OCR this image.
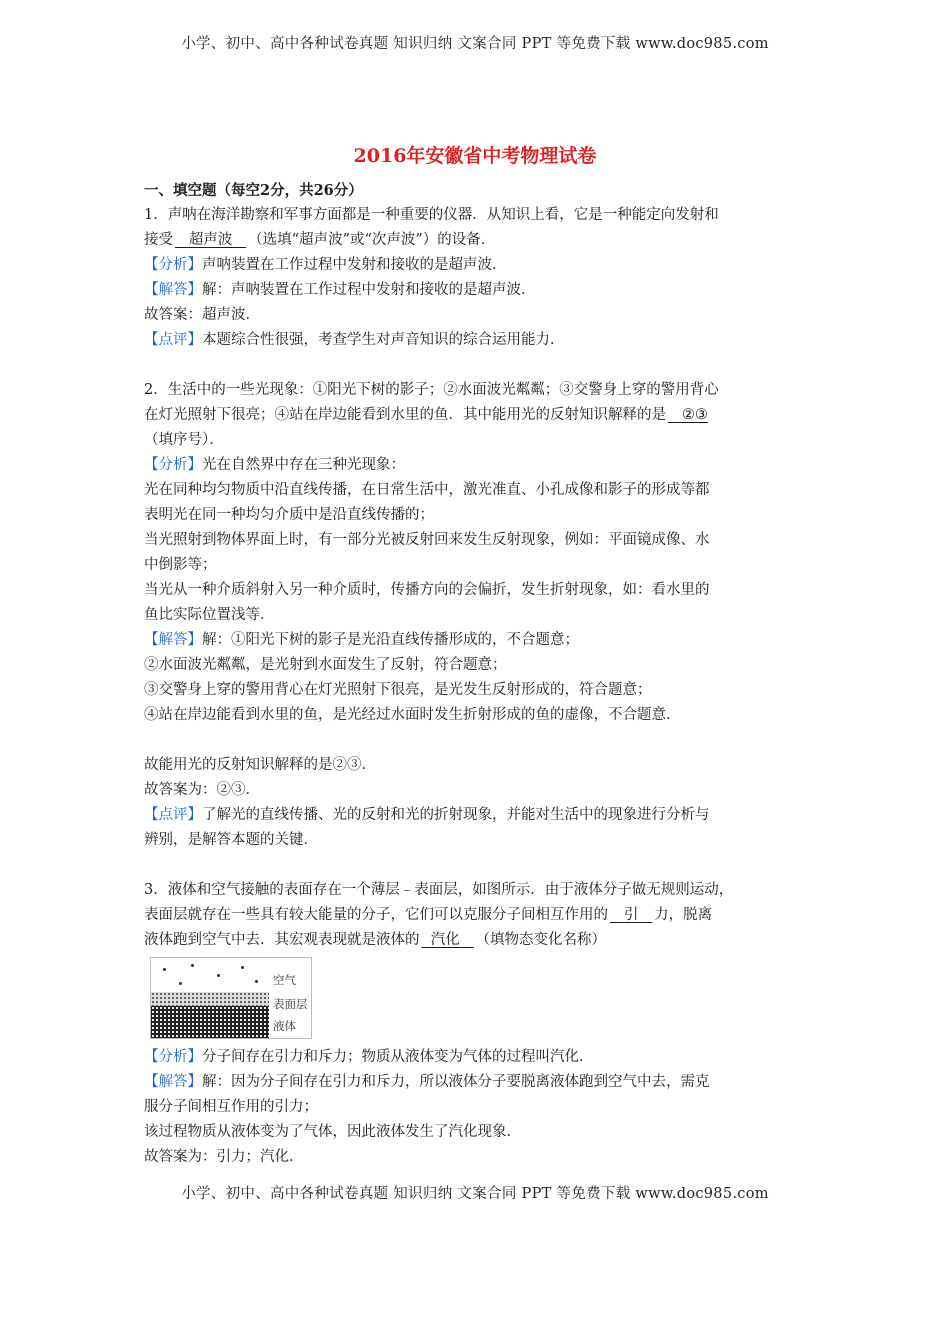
小学、初中、高中各种试卷真题 知识归纳 文案合同 PPT 等免费下载 www.doc985.com
2016年安徽省中考物理试卷

一、填空题（每空2分，共26分）

1．声呐在海洋勘察和军事方面都是一种重要的仪器．从知识上看，它是一种能定向发射和

接受 超声波 （选填“超声波”或“次声波”）的设备．

【分析】声呐装置在工作过程中发射和接收的是超声波．

【解答】解：声呐装置在工作过程中发射和接收的是超声波．

故答案：超声波．

【点评】本题综合性很强，考查学生对声音知识的综合运用能力．

2．生活中的一些光现象：①阳光下树的影子；②水面波光粼粼；③交警身上穿的警用背心

在灯光照射下很亮；④站在岸边能看到水里的鱼．其中能用光的反射知识解释的是 ②③

（填序号）．

【分析】光在自然界中存在三种光现象：

光在同种均匀物质中沿直线传播，在日常生活中，激光准直、小孔成像和影子的形成等都

表明光在同一种均匀介质中是沿直线传播的；

当光照射到物体界面上时，有一部分光被反射回来发生反射现象，例如：平面镜成像、水

中倒影等；

当光从一种介质斜射入另一种介质时，传播方向的会偏折，发生折射现象，如：看水里的

鱼比实际位置浅等．

【解答】解：①阳光下树的影子是光沿直线传播形成的，不合题意；

②水面波光粼粼，是光射到水面发生了反射，符合题意；

③交警身上穿的警用背心在灯光照射下很亮，是光发生反射形成的，符合题意；

④站在岸边能看到水里的鱼，是光经过水面时发生折射形成的鱼的虚像，不合题意．

故能用光的反射知识解释的是②③．

故答案为：②③．

【点评】了解光的直线传播、光的反射和光的折射现象，并能对生活中的现象进行分析与

辨别，是解答本题的关键．

3．液体和空气接触的表面存在一个薄层﹣表面层，如图所示．由于液体分子做无规则运动，

表面层就存在一些具有较大能量的分子，它们可以克服分子间相互作用的 引 力，脱离

液体跑到空气中去．其宏观表现就是液体的 汽化 （填物态变化名称）

空气
表面层
液体

【分析】分子间存在引力和斥力；物质从液体变为气体的过程叫汽化．

【解答】解：因为分子间存在引力和斥力，所以液体分子要脱离液体跑到空气中去，需克

服分子间相互作用的引力；

该过程物质从液体变为了气体，因此液体发生了汽化现象．

故答案为：引力；汽化．

小学、初中、高中各种试卷真题 知识归纳 文案合同 PPT 等免费下载 www.doc985.com
